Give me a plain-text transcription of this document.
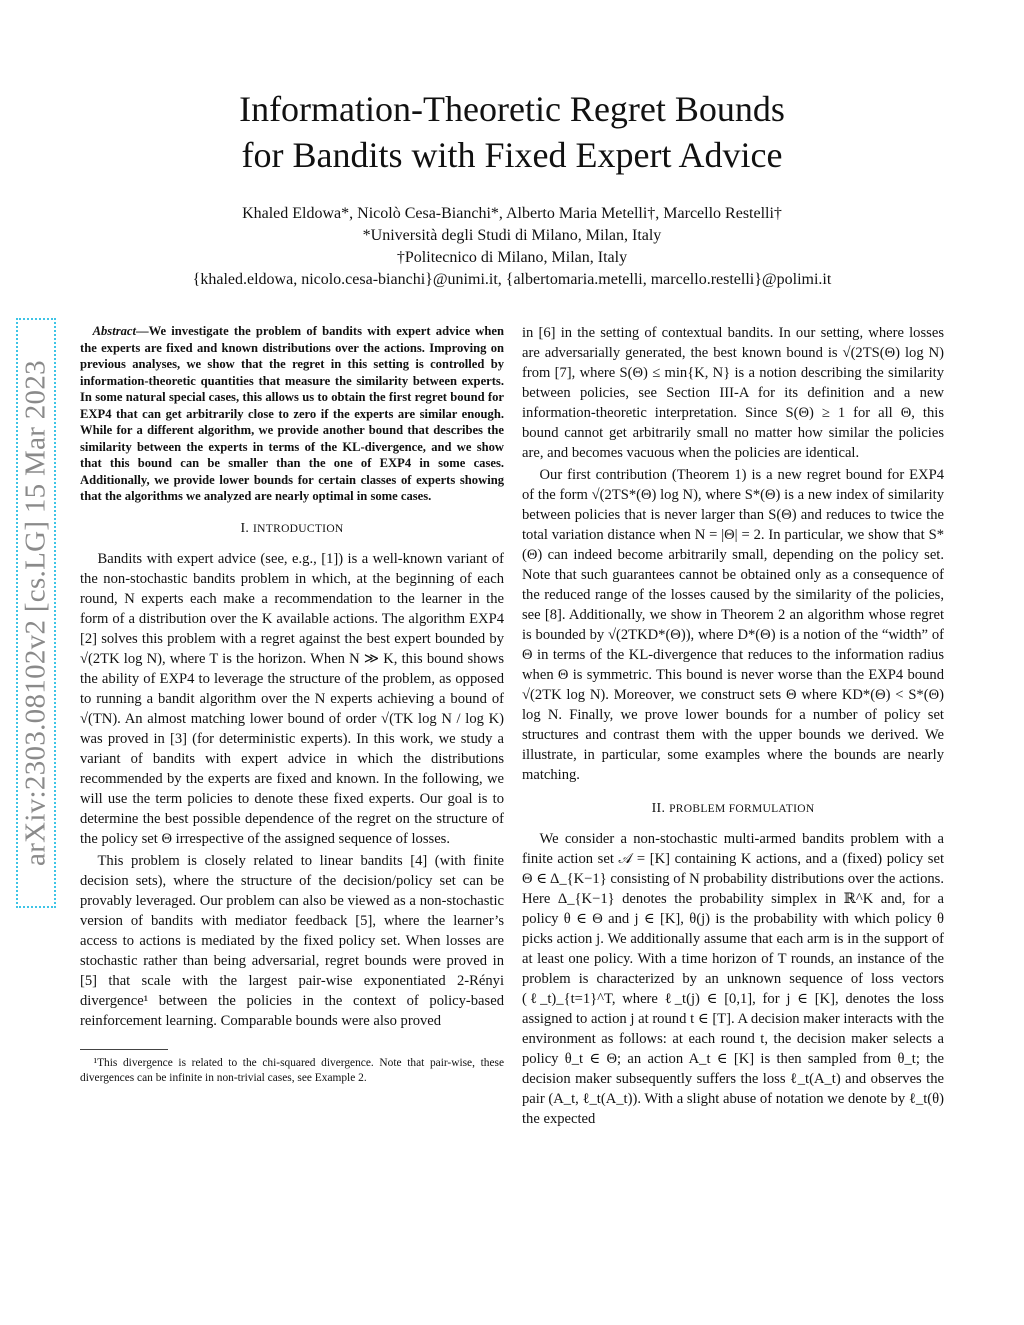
arXiv:2303.08102v2 [cs.LG] 15 Mar 2023
Information-Theoretic Regret Bounds
for Bandits with Fixed Expert Advice
Khaled Eldowa*, Nicolò Cesa-Bianchi*, Alberto Maria Metelli†, Marcello Restelli†
*Università degli Studi di Milano, Milan, Italy
†Politecnico di Milano, Milan, Italy
{khaled.eldowa, nicolo.cesa-bianchi}@unimi.it, {albertomaria.metelli, marcello.restelli}@polimi.it

Abstract—We investigate the problem of bandits with expert advice when the experts are fixed and known distributions over the actions. Improving on previous analyses, we show that the regret in this setting is controlled by information-theoretic quantities that measure the similarity between experts. In some natural special cases, this allows us to obtain the first regret bound for EXP4 that can get arbitrarily close to zero if the experts are similar enough. While for a different algorithm, we provide another bound that describes the similarity between the experts in terms of the KL-divergence, and we show that this bound can be smaller than the one of EXP4 in some cases. Additionally, we provide lower bounds for certain classes of experts showing that the algorithms we analyzed are nearly optimal in some cases.

I. INTRODUCTION

Bandits with expert advice (see, e.g., [1]) is a well-known variant of the non-stochastic bandits problem in which, at the beginning of each round, N experts each make a recommendation to the learner in the form of a distribution over the K available actions. The algorithm EXP4 [2] solves this problem with a regret against the best expert bounded by √(2TK log N), where T is the horizon. When N ≫ K, this bound shows the ability of EXP4 to leverage the structure of the problem, as opposed to running a bandit algorithm over the N experts achieving a bound of √(TN). An almost matching lower bound of order √(TK log N / log K) was proved in [3] (for deterministic experts). In this work, we study a variant of bandits with expert advice in which the distributions recommended by the experts are fixed and known. In the following, we will use the term policies to denote these fixed experts. Our goal is to determine the best possible dependence of the regret on the structure of the policy set Θ irrespective of the assigned sequence of losses.

This problem is closely related to linear bandits [4] (with finite decision sets), where the structure of the decision/policy set can be provably leveraged. Our problem can also be viewed as a non-stochastic version of bandits with mediator feedback [5], where the learner’s access to actions is mediated by the fixed policy set. When losses are stochastic rather than being adversarial, regret bounds were proved in [5] that scale with the largest pair-wise exponentiated 2-Rényi divergence¹ between the policies in the context of policy-based reinforcement learning. Comparable bounds were also proved

¹This divergence is related to the chi-squared divergence. Note that pair-wise, these divergences can be infinite in non-trivial cases, see Example 2.

in [6] in the setting of contextual bandits. In our setting, where losses are adversarially generated, the best known bound is √(2TS(Θ) log N) from [7], where S(Θ) ≤ min{K, N} is a notion describing the similarity between policies, see Section III-A for its definition and a new information-theoretic interpretation. Since S(Θ) ≥ 1 for all Θ, this bound cannot get arbitrarily small no matter how similar the policies are, and becomes vacuous when the policies are identical.

Our first contribution (Theorem 1) is a new regret bound for EXP4 of the form √(2TS*(Θ) log N), where S*(Θ) is a new index of similarity between policies that is never larger than S(Θ) and reduces to twice the total variation distance when N = |Θ| = 2. In particular, we show that S*(Θ) can indeed become arbitrarily small, depending on the policy set. Note that such guarantees cannot be obtained only as a consequence of the reduced range of the losses caused by the similarity of the policies, see [8]. Additionally, we show in Theorem 2 an algorithm whose regret is bounded by √(2TKD*(Θ)), where D*(Θ) is a notion of the “width” of Θ in terms of the KL-divergence that reduces to the information radius when Θ is symmetric. This bound is never worse than the EXP4 bound √(2TK log N). Moreover, we construct sets Θ where KD*(Θ) < S*(Θ) log N. Finally, we prove lower bounds for a number of policy set structures and contrast them with the upper bounds we derived. We illustrate, in particular, some examples where the bounds are nearly matching.

II. PROBLEM FORMULATION

We consider a non-stochastic multi-armed bandits problem with a finite action set 𝒜 = [K] containing K actions, and a (fixed) policy set Θ ∈ Δ_{K−1} consisting of N probability distributions over the actions. Here Δ_{K−1} denotes the probability simplex in ℝ^K and, for a policy θ ∈ Θ and j ∈ [K], θ(j) is the probability with which policy θ picks action j. We additionally assume that each arm is in the support of at least one policy. With a time horizon of T rounds, an instance of the problem is characterized by an unknown sequence of loss vectors (ℓ_t)_{t=1}^T, where ℓ_t(j) ∈ [0,1], for j ∈ [K], denotes the loss assigned to action j at round t ∈ [T]. A decision maker interacts with the environment as follows: at each round t, the decision maker selects a policy θ_t ∈ Θ; an action A_t ∈ [K] is then sampled from θ_t; the decision maker subsequently suffers the loss ℓ_t(A_t) and observes the pair (A_t, ℓ_t(A_t)). With a slight abuse of notation we denote by ℓ_t(θ) the expected
